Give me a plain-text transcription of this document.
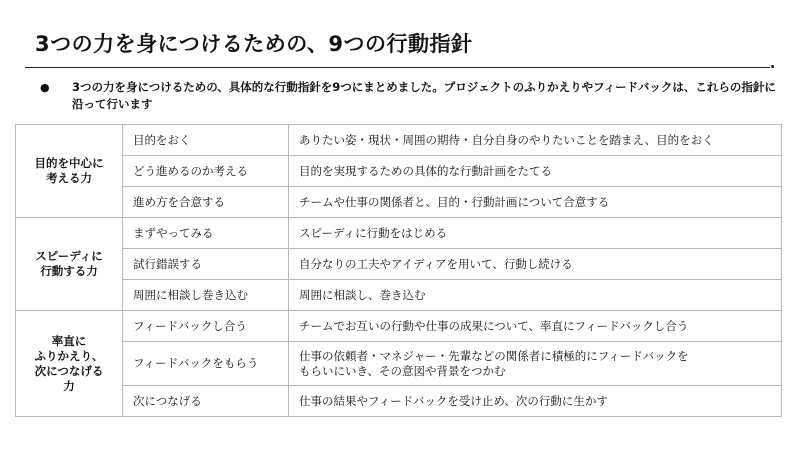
3つの力を身につけるための、9つの行動指針
● 3つの力を身につけるための、具体的な行動指針を9つにまとめました。プロジェクトのふりかえりやフィードバックは、これらの指針に沿って行います
目的を中心に
考える力	目的をおく	ありたい姿・現状・周囲の期待・自分自身のやりたいことを踏まえ、目的をおく
	どう進めるのか考える	目的を実現するための具体的な行動計画をたてる
	進め方を合意する	チームや仕事の関係者と、目的・行動計画について合意する
スピーディに
行動する力	まずやってみる	スピーディに行動をはじめる
	試行錯誤する	自分なりの工夫やアイディアを用いて、行動し続ける
	周囲に相談し巻き込む	周囲に相談し、巻き込む
率直に
ふりかえり、
次につなげる
力	フィードバックし合う	チームでお互いの行動や仕事の成果について、率直にフィードバックし合う
	フィードバックをもらう	仕事の依頼者・マネジャー・先輩などの関係者に積極的にフィードバックを
もらいにいき、その意図や背景をつかむ
	次につなげる	仕事の結果やフィードバックを受け止め、次の行動に生かす
